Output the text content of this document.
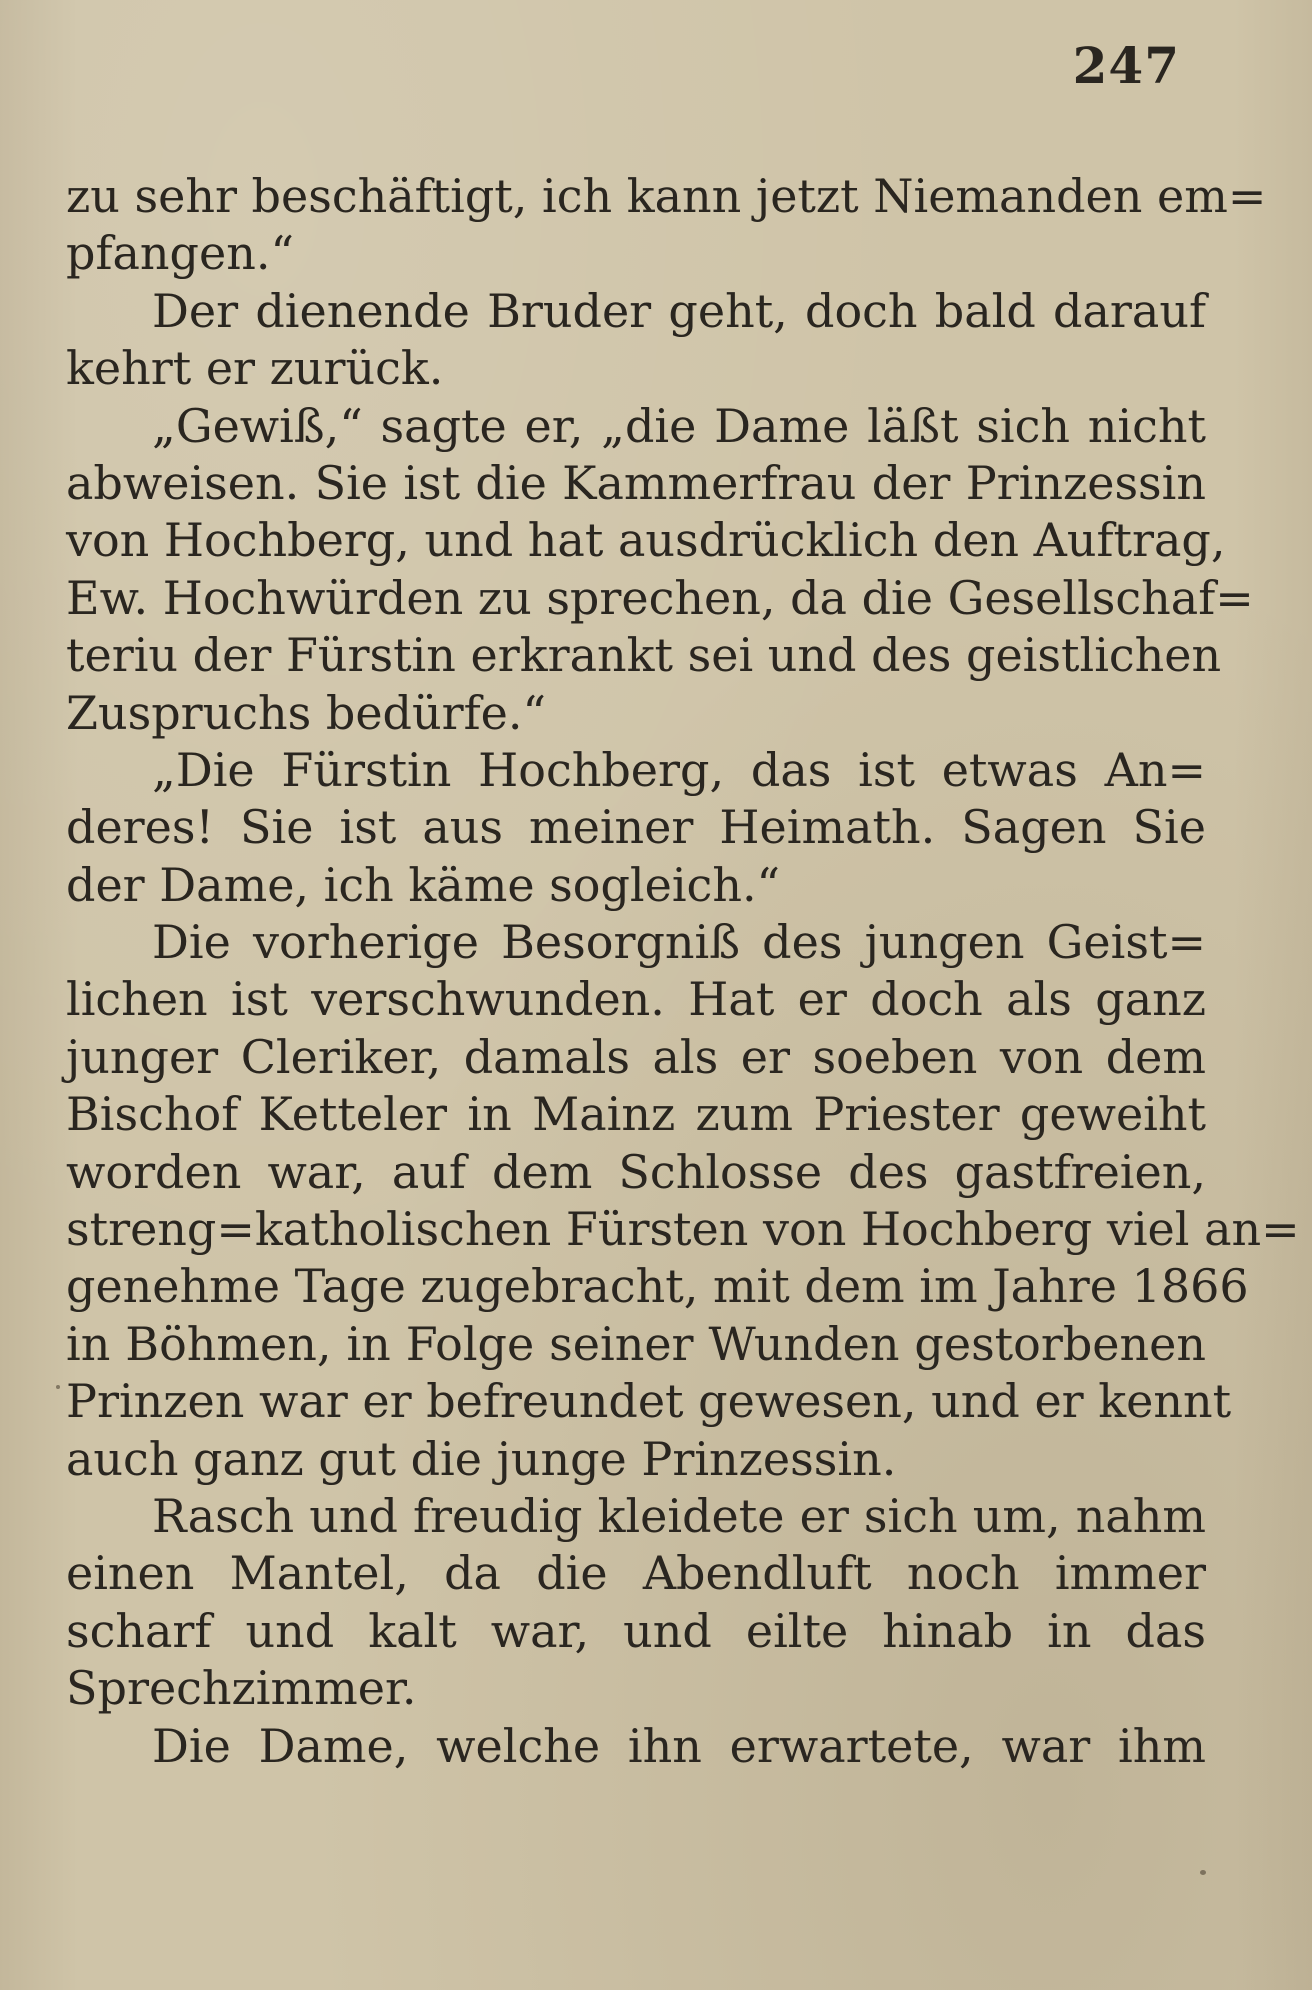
247
zu sehr beschäftigt, ich kann jetzt Niemanden em=
pfangen.“
Der dienende Bruder geht, doch bald darauf
kehrt er zurück.
„Gewiß,“ sagte er, „die Dame läßt sich nicht
abweisen. Sie ist die Kammerfrau der Prinzessin
von Hochberg, und hat ausdrücklich den Auftrag,
Ew. Hochwürden zu sprechen, da die Gesellschaf=
teriu der Fürstin erkrankt sei und des geistlichen
Zuspruchs bedürfe.“
„Die Fürstin Hochberg, das ist etwas An=
deres! Sie ist aus meiner Heimath. Sagen Sie
der Dame, ich käme sogleich.“
Die vorherige Besorgniß des jungen Geist=
lichen ist verschwunden. Hat er doch als ganz
junger Cleriker, damals als er soeben von dem
Bischof Ketteler in Mainz zum Priester geweiht
worden war, auf dem Schlosse des gastfreien,
streng=katholischen Fürsten von Hochberg viel an=
genehme Tage zugebracht, mit dem im Jahre 1866
in Böhmen, in Folge seiner Wunden gestorbenen
Prinzen war er befreundet gewesen, und er kennt
auch ganz gut die junge Prinzessin.
Rasch und freudig kleidete er sich um, nahm
einen Mantel, da die Abendluft noch immer
scharf und kalt war, und eilte hinab in das
Sprechzimmer.
Die Dame, welche ihn erwartete, war ihm
